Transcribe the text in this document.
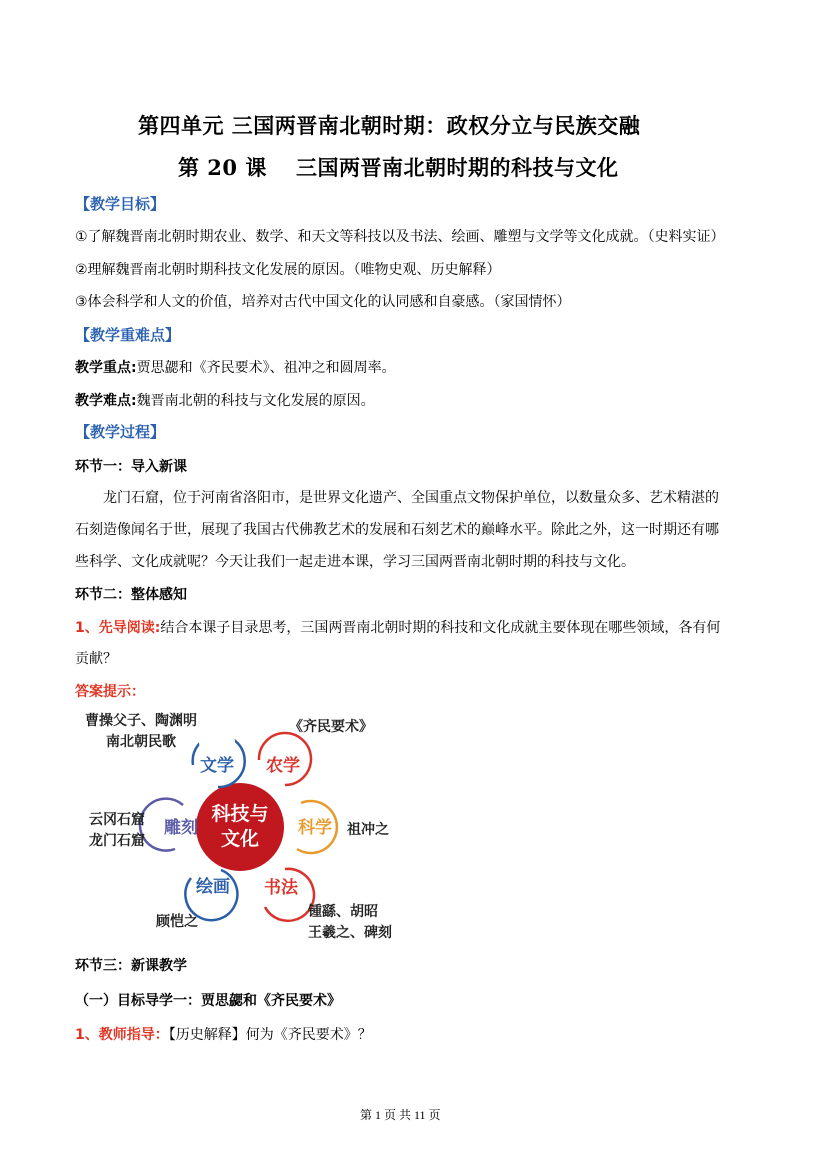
第四单元 三国两晋南北朝时期：政权分立与民族交融
第 20 课 三国两晋南北朝时期的科技与文化
【教学目标】
①了解魏晋南北朝时期农业、数学、和天文等科技以及书法、绘画、雕塑与文学等文化成就。（史料实证）
②理解魏晋南北朝时期科技文化发展的原因。（唯物史观、历史解释）
③体会科学和人文的价值，培养对古代中国文化的认同感和自豪感。（家国情怀）
【教学重难点】
教学重点:贾思勰和《齐民要术》、祖冲之和圆周率。
教学难点:魏晋南北朝的科技与文化发展的原因。
【教学过程】
环节一：导入新课
龙门石窟，位于河南省洛阳市，是世界文化遗产、全国重点文物保护单位，以数量众多、艺术精湛的
石刻造像闻名于世，展现了我国古代佛教艺术的发展和石刻艺术的巅峰水平。除此之外，这一时期还有哪
些科学、文化成就呢？今天让我们一起走进本课，学习三国两晋南北朝时期的科技与文化。
环节二：整体感知
1、先导阅读:结合本课子目录思考，三国两晋南北朝时期的科技和文化成就主要体现在哪些领域，各有何
贡献？
答案提示：
科技与
文化
文学
曹操父子、陶渊明
南北朝民歌
农学
《齐民要术》
科学 祖冲之
书法
锺繇、胡昭
王羲之、碑刻
绘画
顾恺之
雕刻
云冈石窟
龙门石窟
环节三：新课教学
（一）目标导学一：贾思勰和《齐民要术》
1、教师指导：【历史解释】何为《齐民要术》？
第 1 页 共 11 页
